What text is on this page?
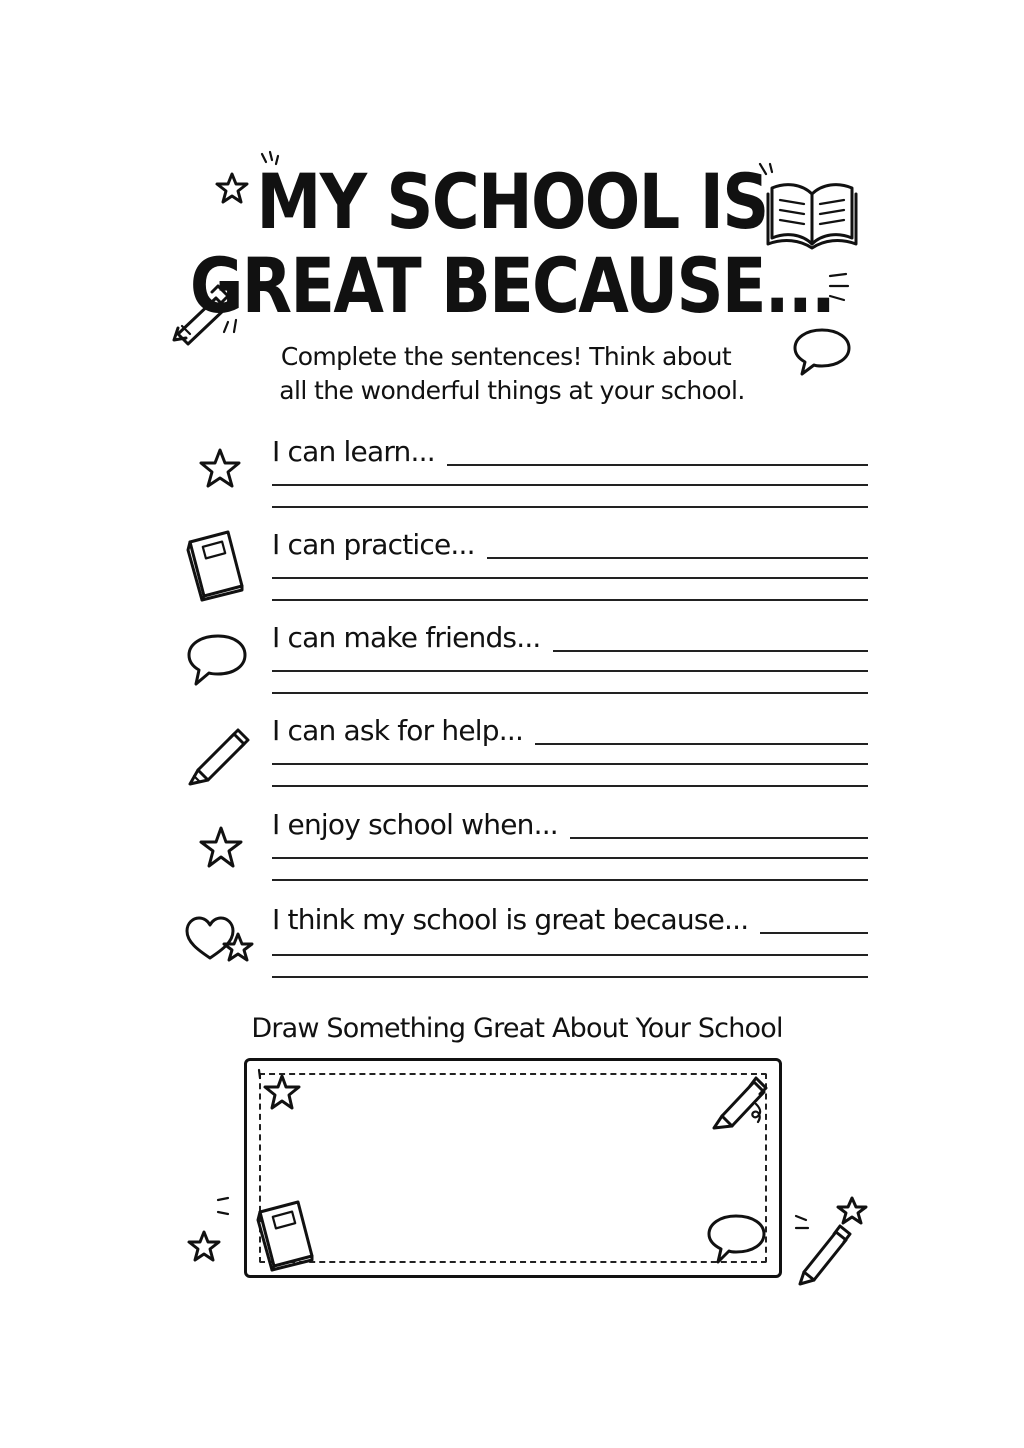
MY SCHOOL IS
GREAT BECAUSE...
Complete the sentences! Think about
all the wonderful things at your school.
I can learn...
I can practice...
I can make friends...
I can ask for help...
I enjoy school when...
I think my school is great because...
Draw Something Great About Your School
